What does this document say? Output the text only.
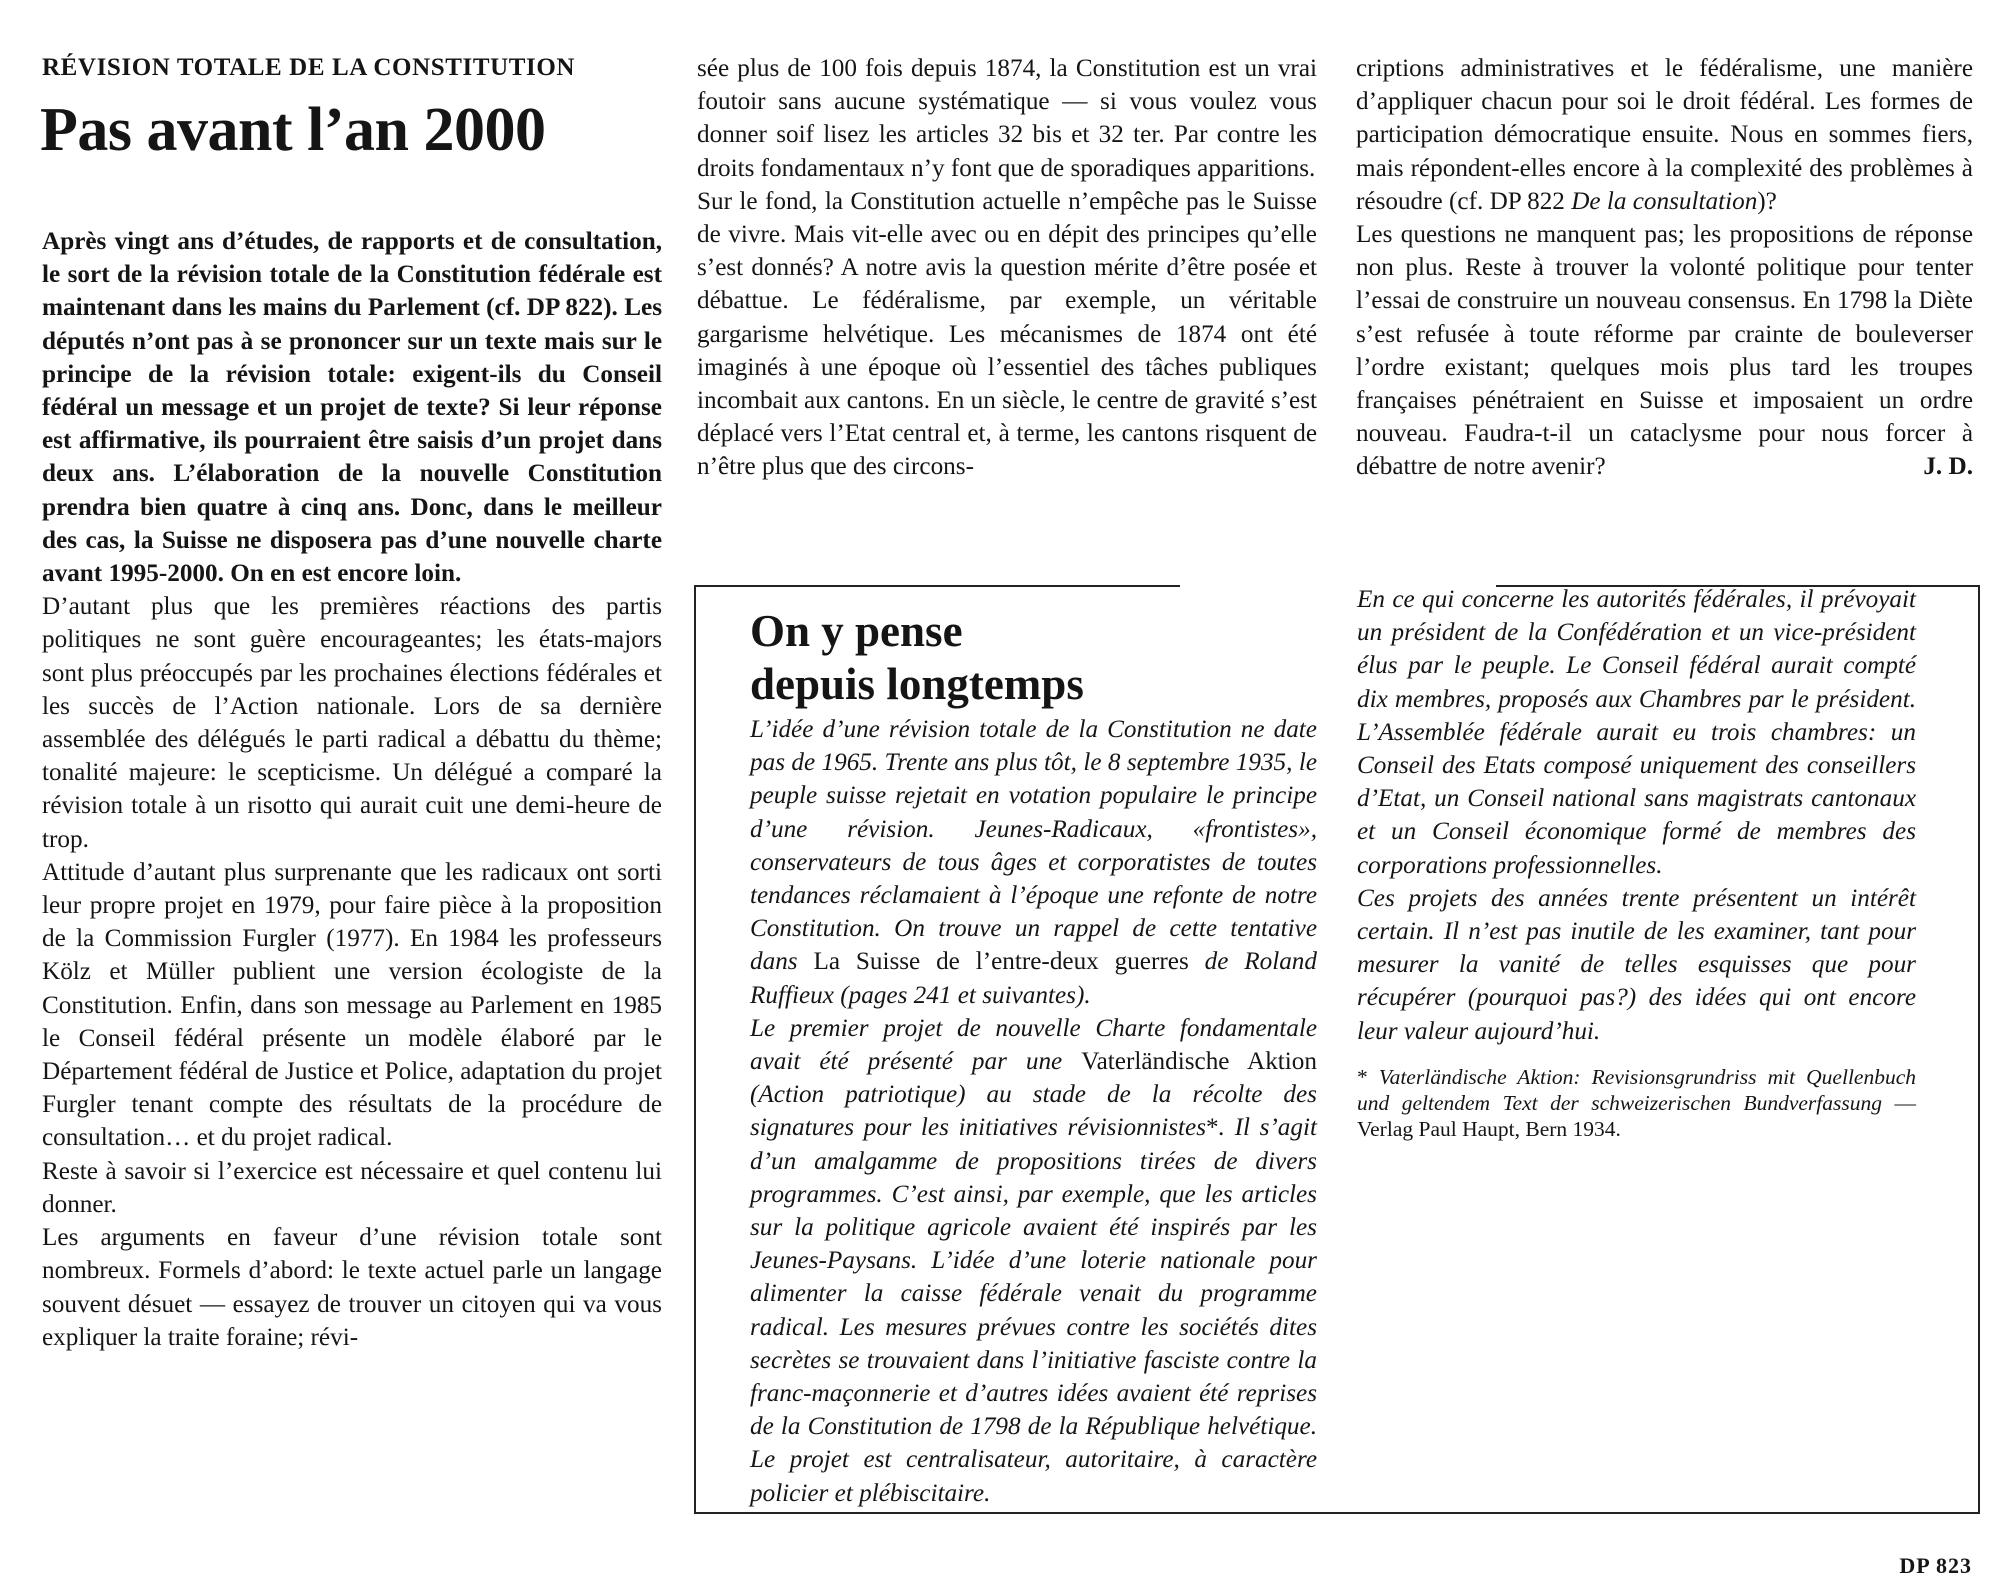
RÉVISION TOTALE DE LA CONSTITUTION
Pas avant l’an 2000

Après vingt ans d’études, de rapports et de consultation, le sort de la révision totale de la Constitution fédérale est maintenant dans les mains du Parlement (cf. DP 822). Les députés n’ont pas à se prononcer sur un texte mais sur le principe de la révision totale: exigent-ils du Conseil fédéral un message et un projet de texte? Si leur réponse est affirmative, ils pourraient être saisis d’un projet dans deux ans. L’élaboration de la nouvelle Constitution prendra bien quatre à cinq ans. Donc, dans le meilleur des cas, la Suisse ne disposera pas d’une nouvelle charte avant 1995-2000. On en est encore loin.

D’autant plus que les premières réactions des partis politiques ne sont guère encourageantes; les états-majors sont plus préoccupés par les prochaines élections fédérales et les succès de l’Action nationale. Lors de sa dernière assemblée des délégués le parti radical a débattu du thème; tonalité majeure: le scepticisme. Un délégué a comparé la révision totale à un risotto qui aurait cuit une demi-heure de trop.

Attitude d’autant plus surprenante que les radicaux ont sorti leur propre projet en 1979, pour faire pièce à la proposition de la Commission Furgler (1977). En 1984 les professeurs Kölz et Müller publient une version écologiste de la Constitution. Enfin, dans son message au Parlement en 1985 le Conseil fédéral présente un modèle élaboré par le Département fédéral de Justice et Police, adaptation du projet Furgler tenant compte des résultats de la procédure de consultation… et du projet radical.

Reste à savoir si l’exercice est nécessaire et quel contenu lui donner.

Les arguments en faveur d’une révision totale sont nombreux. Formels d’abord: le texte actuel parle un langage souvent désuet — essayez de trouver un citoyen qui va vous expliquer la traite foraine; révi-

sée plus de 100 fois depuis 1874, la Constitution est un vrai foutoir sans aucune systématique — si vous voulez vous donner soif lisez les articles 32 bis et 32 ter. Par contre les droits fondamentaux n’y font que de sporadiques apparitions.

Sur le fond, la Constitution actuelle n’empêche pas le Suisse de vivre. Mais vit-elle avec ou en dépit des principes qu’elle s’est donnés? A notre avis la question mérite d’être posée et débattue. Le fédéralisme, par exemple, un véritable gargarisme helvétique. Les mécanismes de 1874 ont été imaginés à une époque où l’essentiel des tâches publiques incombait aux cantons. En un siècle, le centre de gravité s’est déplacé vers l’Etat central et, à terme, les cantons risquent de n’être plus que des circons-

criptions administratives et le fédéralisme, une manière d’appliquer chacun pour soi le droit fédéral. Les formes de participation démocratique ensuite. Nous en sommes fiers, mais répondent-elles encore à la complexité des problèmes à résoudre (cf. DP 822 De la consultation)?

Les questions ne manquent pas; les propositions de réponse non plus. Reste à trouver la volonté politique pour tenter l’essai de construire un nouveau consensus. En 1798 la Diète s’est refusée à toute réforme par crainte de bouleverser l’ordre existant; quelques mois plus tard les troupes françaises pénétraient en Suisse et imposaient un ordre nouveau. Faudra-t-il un cataclysme pour nous forcer à débattre de notre avenir?	J. D.
On y pense
depuis longtemps

L’idée d’une révision totale de la Constitution ne date pas de 1965. Trente ans plus tôt, le 8 septembre 1935, le peuple suisse rejetait en votation populaire le principe d’une révision. Jeunes-Radicaux, «frontistes», conservateurs de tous âges et corporatistes de toutes tendances réclamaient à l’époque une refonte de notre Constitution. On trouve un rappel de cette tentative dans La Suisse de l’entre-deux guerres de Roland Ruffieux (pages 241 et suivantes).

Le premier projet de nouvelle Charte fondamentale avait été présenté par une Vaterländische Aktion (Action patriotique) au stade de la récolte des signatures pour les initiatives révisionnistes*. Il s’agit d’un amalgamme de propositions tirées de divers programmes. C’est ainsi, par exemple, que les articles sur la politique agricole avaient été inspirés par les Jeunes-Paysans. L’idée d’une loterie nationale pour alimenter la caisse fédérale venait du programme radical. Les mesures prévues contre les sociétés dites secrètes se trouvaient dans l’initiative fasciste contre la franc-maçonnerie et d’autres idées avaient été reprises de la Constitution de 1798 de la République helvétique. Le projet est centralisateur, autoritaire, à caractère policier et plébiscitaire.

En ce qui concerne les autorités fédérales, il prévoyait un président de la Confédération et un vice-président élus par le peuple. Le Conseil fédéral aurait compté dix membres, proposés aux Chambres par le président. L’Assemblée fédérale aurait eu trois chambres: un Conseil des Etats composé uniquement des conseillers d’Etat, un Conseil national sans magistrats cantonaux et un Conseil économique formé de membres des corporations professionnelles.

Ces projets des années trente présentent un intérêt certain. Il n’est pas inutile de les examiner, tant pour mesurer la vanité de telles esquisses que pour récupérer (pourquoi pas?) des idées qui ont encore leur valeur aujourd’hui.

* Vaterländische Aktion: Revisionsgrundriss mit Quellenbuch und geltendem Text der schweizerischen Bundverfassung — Verlag Paul Haupt, Bern 1934.

DP 823
